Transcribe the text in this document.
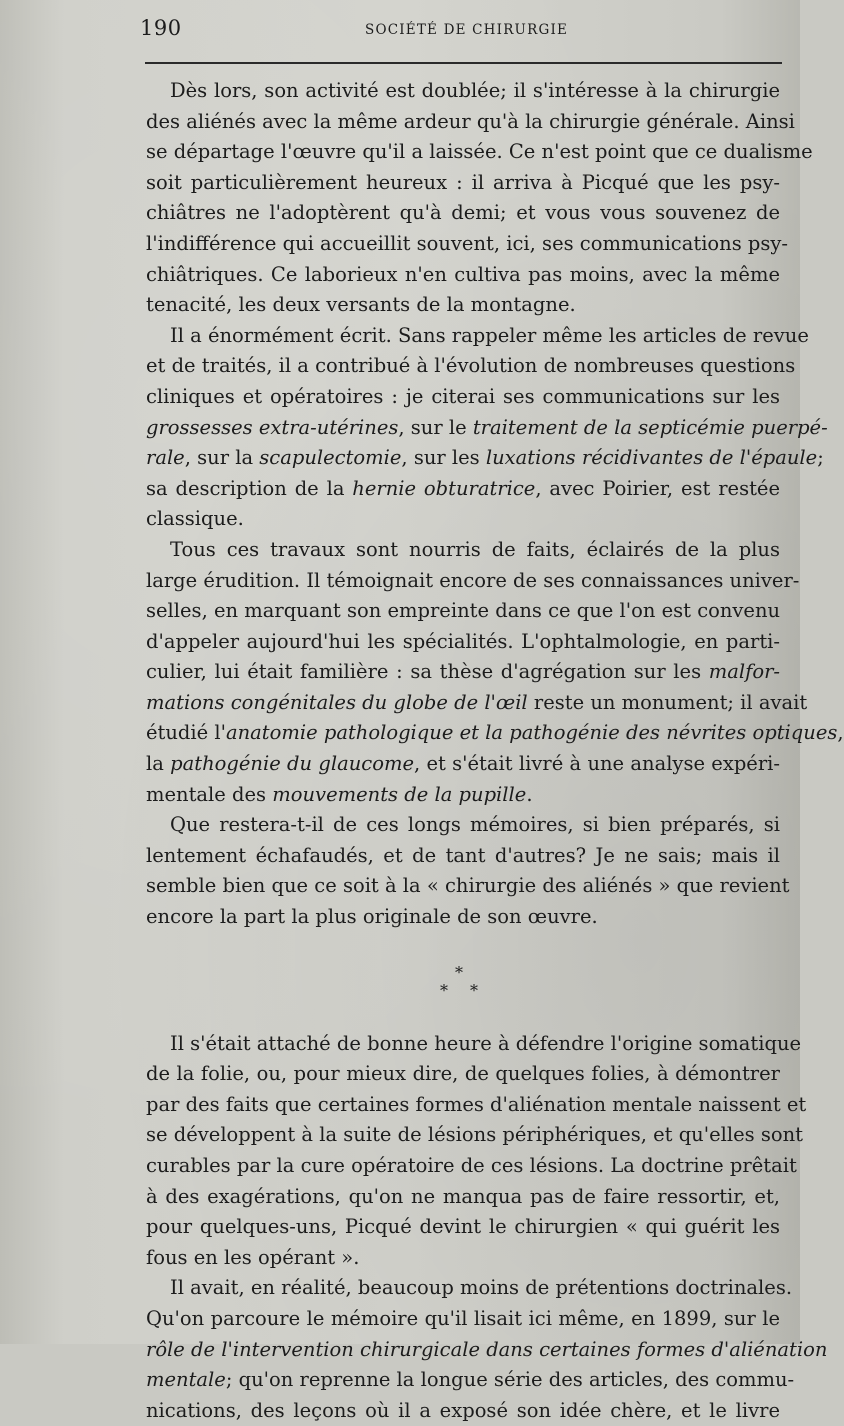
190	SOCIÉTÉ DE CHIRURGIE
Dès lors, son activité est doublée; il s'intéresse à la chirurgie
des aliénés avec la même ardeur qu'à la chirurgie générale. Ainsi
se départage l'œuvre qu'il a laissée. Ce n'est point que ce dualisme
soit particulièrement heureux : il arriva à Picqué que les psy-
chiâtres ne l'adoptèrent qu'à demi; et vous vous souvenez de
l'indifférence qui accueillit souvent, ici, ses communications psy-
chiâtriques. Ce laborieux n'en cultiva pas moins, avec la même
tenacité, les deux versants de la montagne.
Il a énormément écrit. Sans rappeler même les articles de revue
et de traités, il a contribué à l'évolution de nombreuses questions
cliniques et opératoires : je citerai ses communications sur les
grossesses extra-utérines, sur le traitement de la septicémie puerpé-
rale, sur la scapulectomie, sur les luxations récidivantes de l'épaule;
sa description de la hernie obturatrice, avec Poirier, est restée
classique.
Tous ces travaux sont nourris de faits, éclairés de la plus
large érudition. Il témoignait encore de ses connaissances univer-
selles, en marquant son empreinte dans ce que l'on est convenu
d'appeler aujourd'hui les spécialités. L'ophtalmologie, en parti-
culier, lui était familière : sa thèse d'agrégation sur les malfor-
mations congénitales du globe de l'œil reste un monument; il avait
étudié l'anatomie pathologique et la pathogénie des névrites optiques,
la pathogénie du glaucome, et s'était livré à une analyse expéri-
mentale des mouvements de la pupille.
Que restera-t-il de ces longs mémoires, si bien préparés, si
lentement échafaudés, et de tant d'autres? Je ne sais; mais il
semble bien que ce soit à la « chirurgie des aliénés » que revient
encore la part la plus originale de son œuvre.
*
* *
Il s'était attaché de bonne heure à défendre l'origine somatique
de la folie, ou, pour mieux dire, de quelques folies, à démontrer
par des faits que certaines formes d'aliénation mentale naissent et
se développent à la suite de lésions périphériques, et qu'elles sont
curables par la cure opératoire de ces lésions. La doctrine prêtait
à des exagérations, qu'on ne manqua pas de faire ressortir, et,
pour quelques-uns, Picqué devint le chirurgien « qui guérit les
fous en les opérant ».
Il avait, en réalité, beaucoup moins de prétentions doctrinales.
Qu'on parcoure le mémoire qu'il lisait ici même, en 1899, sur le
rôle de l'intervention chirurgicale dans certaines formes d'aliénation
mentale; qu'on reprenne la longue série des articles, des commu-
nications, des leçons où il a exposé son idée chère, et le livre
